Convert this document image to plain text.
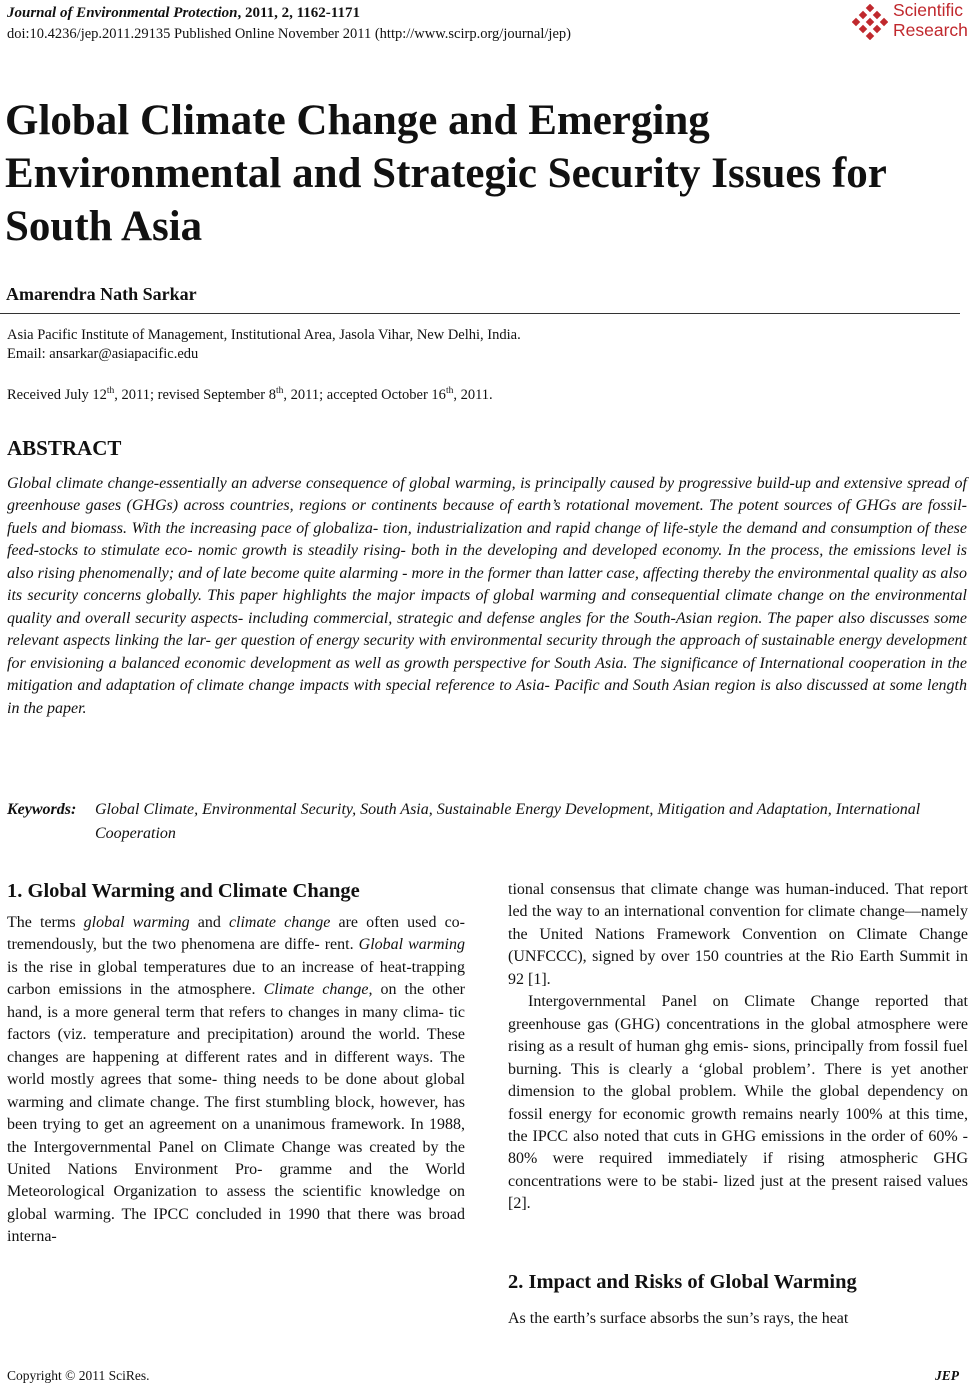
Journal of Environmental Protection, 2011, 2, 1162-1171
doi:10.4236/jep.2011.29135 Published Online November 2011 (http://www.scirp.org/journal/jep)
Scientific
Research
Global Climate Change and Emerging
Environmental and Strategic Security Issues for
South Asia
Amarendra Nath Sarkar
Asia Pacific Institute of Management, Institutional Area, Jasola Vihar, New Delhi, India.
Email: ansarkar@asiapacific.edu
Received July 12th, 2011; revised September 8th, 2011; accepted October 16th, 2011.
ABSTRACT

Global climate change-essentially an adverse consequence of global warming, is principally caused by progressive build-up and extensive spread of greenhouse gases (GHGs) across countries, regions or continents because of earth’s rotational movement. The potent sources of GHGs are fossil-fuels and biomass. With the increasing pace of globaliza- tion, industrialization and rapid change of life-style the demand and consumption of these feed-stocks to stimulate eco- nomic growth is steadily rising- both in the developing and developed economy. In the process, the emissions level is also rising phenomenally; and of late become quite alarming - more in the former than latter case, affecting thereby the environmental quality as also its security concerns globally. This paper highlights the major impacts of global warming and consequential climate change on the environmental quality and overall security aspects- including commercial, strategic and defense angles for the South-Asian region. The paper also discusses some relevant aspects linking the lar- ger question of energy security with environmental security through the approach of sustainable energy development for envisioning a balanced economic development as well as growth perspective for South Asia. The significance of International cooperation in the mitigation and adaptation of climate change impacts with special reference to Asia- Pacific and South Asian region is also discussed at some length in the paper.

Keywords: Global Climate, Environmental Security, South Asia, Sustainable Energy Development, Mitigation and Adaptation, International Cooperation

1. Global Warming and Climate Change

The terms global warming and climate change are often used co-tremendously, but the two phenomena are diffe- rent. Global warming is the rise in global temperatures due to an increase of heat-trapping carbon emissions in the atmosphere. Climate change, on the other hand, is a more general term that refers to changes in many clima- tic factors (viz. temperature and precipitation) around the world. These changes are happening at different rates and in different ways. The world mostly agrees that some- thing needs to be done about global warming and climate change. The first stumbling block, however, has been trying to get an agreement on a unanimous framework. In 1988, the Intergovernmental Panel on Climate Change was created by the United Nations Environment Pro- gramme and the World Meteorological Organization to assess the scientific knowledge on global warming. The IPCC concluded in 1990 that there was broad interna-

tional consensus that climate change was human-induced. That report led the way to an international convention for climate change—namely the United Nations Framework Convention on Climate Change (UNFCCC), signed by over 150 countries at the Rio Earth Summit in 92 [1].

Intergovernmental Panel on Climate Change reported that greenhouse gas (GHG) concentrations in the global atmosphere were rising as a result of human ghg emis- sions, principally from fossil fuel burning. This is clearly a ‘global problem’. There is yet another dimension to the global problem. While the global dependency on fossil energy for economic growth remains nearly 100% at this time, the IPCC also noted that cuts in GHG emissions in the order of 60% - 80% were required immediately if rising atmospheric GHG concentrations were to be stabi- lized just at the present raised values [2].

2. Impact and Risks of Global Warming

As the earth’s surface absorbs the sun’s rays, the heat

Copyright © 2011 SciRes.	JEP
